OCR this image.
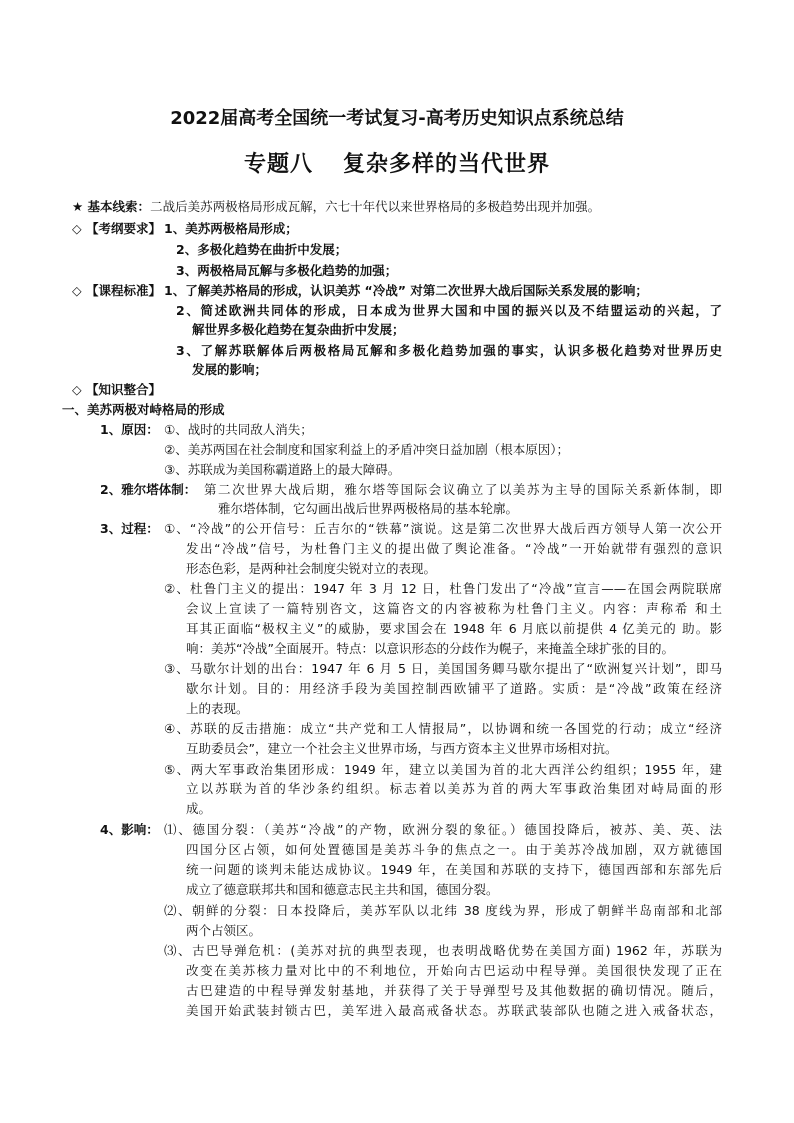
2022届高考全国统一考试复习-高考历史知识点系统总结
专题八 复杂多样的当代世界
★ 基本线索：二战后美苏两极格局形成瓦解，六七十年代以来世界格局的多极趋势出现并加强。
◇ 【考纲要求】 1、美苏两极格局形成；
2、多极化趋势在曲折中发展；
3、两极格局瓦解与多极化趋势的加强；
◇ 【课程标准】 1、了解美苏格局的形成，认识美苏 “冷战” 对第二次世界大战后国际关系发展的影响；
2、简述欧洲共同体的形成，日本成为世界大国和中国的振兴以及不结盟运动的兴起，了
解世界多极化趋势在复杂曲折中发展；
3、了解苏联解体后两极格局瓦解和多极化趋势加强的事实，认识多极化趋势对世界历史
发展的影响；
◇ 【知识整合】
一、美苏两极对峙格局的形成
1、原因： ①、战时的共同敌人消失；
②、美苏两国在社会制度和国家利益上的矛盾冲突日益加剧（根本原因）；
③、苏联成为美国称霸道路上的最大障碍。
2、雅尔塔体制： 第二次世界大战后期，雅尔塔等国际会议确立了以美苏为主导的国际关系新体制，即
雅尔塔体制，它勾画出战后世界两极格局的基本轮廓。
3、过程： ①、“冷战”的公开信号：丘吉尔的“铁幕”演说。这是第二次世界大战后西方领导人第一次公开
发出“冷战”信号，为杜鲁门主义的提出做了舆论准备。“冷战”一开始就带有强烈的意识
形态色彩，是两种社会制度尖锐对立的表现。
②、杜鲁门主义的提出：1947 年 3 月 12 日，杜鲁门发出了“冷战”宣言——在国会两院联席
会议上宣读了一篇特别咨文，这篇咨文的内容被称为杜鲁门主义。内容：声称希 和土
耳其正面临“极权主义”的威胁，要求国会在 1948 年 6 月底以前提供 4 亿美元的 助。影
响：美苏“冷战”全面展开。特点：以意识形态的分歧作为幌子，来掩盖全球扩张的目的。
③、马歇尔计划的出台：1947 年 6 月 5 日，美国国务卿马歇尔提出了“欧洲复兴计划”，即马
歇尔计划。目的：用经济手段为美国控制西欧铺平了道路。实质：是“冷战”政策在经济
上的表现。
④、苏联的反击措施：成立“共产党和工人情报局”，以协调和统一各国党的行动；成立“经济
互助委员会”，建立一个社会主义世界市场，与西方资本主义世界市场相对抗。
⑤、两大军事政治集团形成：1949 年，建立以美国为首的北大西洋公约组织；1955 年，建
立以苏联为首的华沙条约组织。标志着以美苏为首的两大军事政治集团对峙局面的形
成。
4、影响： ⑴、德国分裂：（美苏“冷战”的产物，欧洲分裂的象征。）德国投降后，被苏、美、英、法
四国分区占领，如何处置德国是美苏斗争的焦点之一。由于美苏冷战加剧，双方就德国
统一问题的谈判未能达成协议。1949 年，在美国和苏联的支持下，德国西部和东部先后
成立了德意联邦共和国和德意志民主共和国，德国分裂。
⑵、朝鲜的分裂：日本投降后，美苏军队以北纬 38 度线为界，形成了朝鲜半岛南部和北部
两个占领区。
⑶、古巴导弹危机：(美苏对抗的典型表现，也表明战略优势在美国方面) 1962 年，苏联为
改变在美苏核力量对比中的不利地位，开始向古巴运动中程导弹。美国很快发现了正在
古巴建造的中程导弹发射基地，并获得了关于导弹型号及其他数据的确切情况。随后，
美国开始武装封锁古巴，美军进入最高戒备状态。苏联武装部队也随之进入戒备状态，
